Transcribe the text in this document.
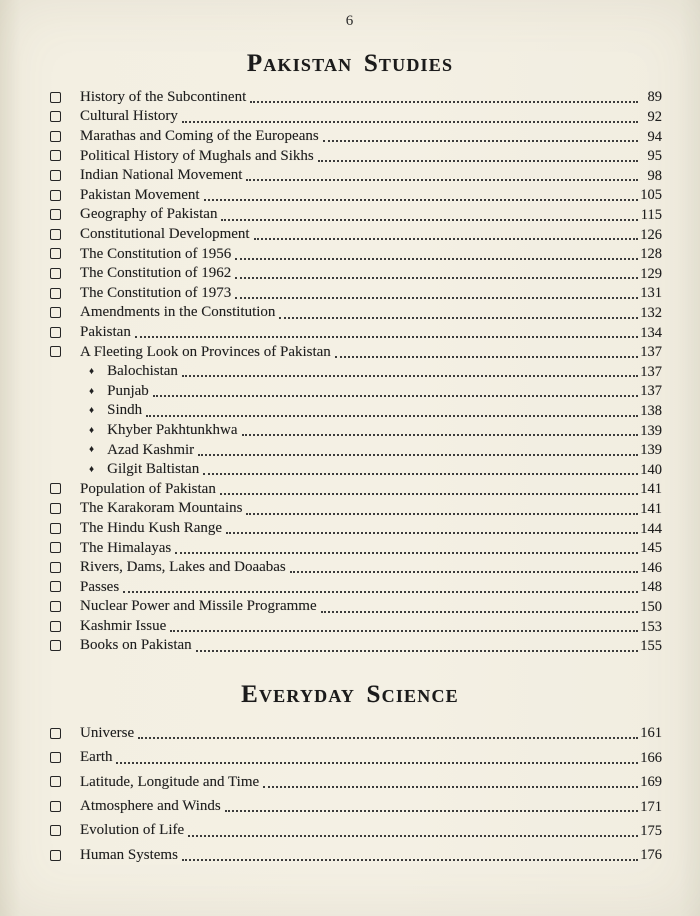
6
Pakistan Studies
History of the Subcontinent	89
Cultural History	92
Marathas and Coming of the Europeans	94
Political History of Mughals and Sikhs	95
Indian National Movement	98
Pakistan Movement	105
Geography of Pakistan	115
Constitutional Development	126
The Constitution of 1956	128
The Constitution of 1962	129
The Constitution of 1973	131
Amendments in the Constitution	132
Pakistan	134
A Fleeting Look on Provinces of Pakistan	137
♦ Balochistan	137
♦ Punjab	137
♦ Sindh	138
♦ Khyber Pakhtunkhwa	139
♦ Azad Kashmir	139
♦ Gilgit Baltistan	140
Population of Pakistan	141
The Karakoram Mountains	141
The Hindu Kush Range	144
The Himalayas	145
Rivers, Dams, Lakes and Doaabas	146
Passes	148
Nuclear Power and Missile Programme	150
Kashmir Issue	153
Books on Pakistan	155
Everyday Science
Universe	161
Earth	166
Latitude, Longitude and Time	169
Atmosphere and Winds	171
Evolution of Life	175
Human Systems	176
